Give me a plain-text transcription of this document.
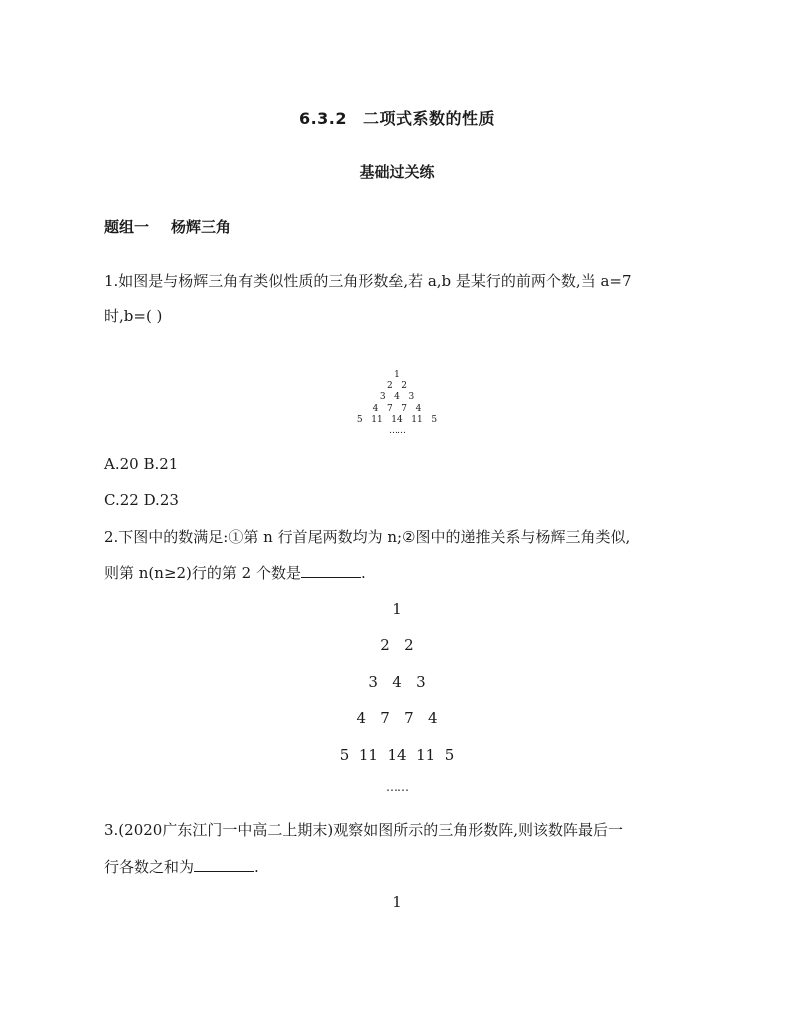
6.3.2 二项式系数的性质
基础过关练
题组一 杨辉三角
1.如图是与杨辉三角有类似性质的三角形数垒,若 a,b 是某行的前两个数,当 a=7
时,b=( )
1
2   2
3   4   3
4   7   7   4
5   11   14   11   5
……
A.20 B.21
C.22 D.23
2.下图中的数满足:①第 n 行首尾两数均为 n;②图中的递推关系与杨辉三角类似,
则第 n(n≥2)行的第 2 个数是	.
1
2   2
3   4   3
4   7   7   4
5  11  14  11  5
……
3.(2020广东江门一中高二上期末)观察如图所示的三角形数阵,则该数阵最后一
行各数之和为	.
1
